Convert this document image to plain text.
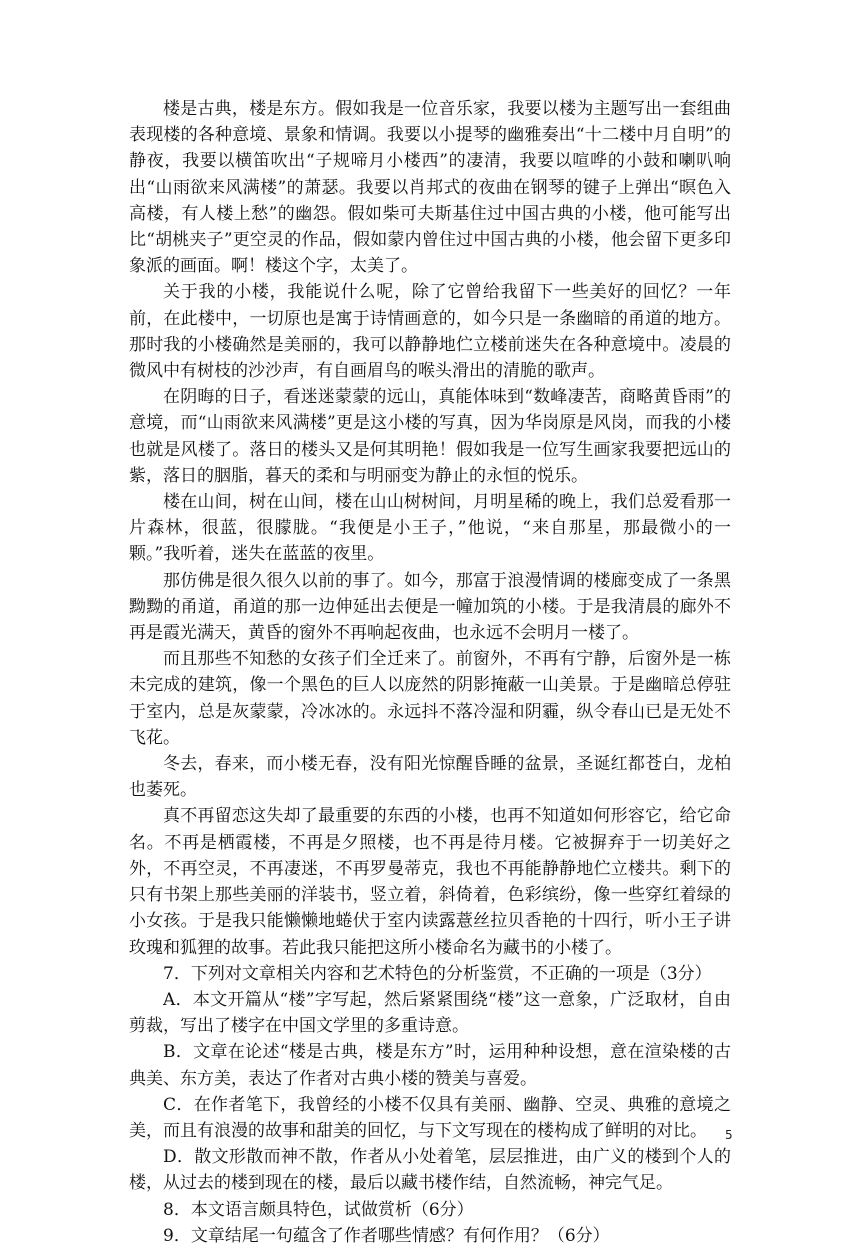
楼是古典，楼是东方。假如我是一位音乐家，我要以楼为主题写出一套组曲表现楼的各种意境、景象和情调。我要以小提琴的幽雅奏出“十二楼中月自明”的静夜，我要以横笛吹出“子规啼月小楼西”的凄清，我要以喧哗的小鼓和喇叭响出“山雨欲来风满楼”的萧瑟。我要以肖邦式的夜曲在钢琴的键子上弹出“暝色入高楼，有人楼上愁”的幽怨。假如柴可夫斯基住过中国古典的小楼，他可能写出比“胡桃夹子”更空灵的作品，假如蒙内曾住过中国古典的小楼，他会留下更多印象派的画面。啊！楼这个字，太美了。

关于我的小楼，我能说什么呢，除了它曾给我留下一些美好的回忆？一年前，在此楼中，一切原也是寓于诗情画意的，如今只是一条幽暗的甬道的地方。那时我的小楼确然是美丽的，我可以静静地伫立楼前迷失在各种意境中。凌晨的微风中有树枝的沙沙声，有自画眉鸟的喉头滑出的清脆的歌声。

在阴晦的日子，看迷迷蒙蒙的远山，真能体味到“数峰凄苦，商略黄昏雨”的意境，而“山雨欲来风满楼”更是这小楼的写真，因为华岗原是风岗，而我的小楼也就是风楼了。落日的楼头又是何其明艳！假如我是一位写生画家我要把远山的紫，落日的胭脂，暮天的柔和与明丽变为静止的永恒的悦乐。

楼在山间，树在山间，楼在山山树树间，月明星稀的晚上，我们总爱看那一片森林，很蓝，很朦胧。“我便是小王子，”他说，“来自那星，那最微小的一颗。”我听着，迷失在蓝蓝的夜里。

那仿佛是很久很久以前的事了。如今，那富于浪漫情调的楼廊变成了一条黑黝黝的甬道，甬道的那一边伸延出去便是一幢加筑的小楼。于是我清晨的廊外不再是霞光满天，黄昏的窗外不再响起夜曲，也永远不会明月一楼了。

而且那些不知愁的女孩子们全迁来了。前窗外，不再有宁静，后窗外是一栋未完成的建筑，像一个黑色的巨人以庞然的阴影掩蔽一山美景。于是幽暗总停驻于室内，总是灰蒙蒙，冷冰冰的。永远抖不落冷湿和阴霾，纵令春山已是无处不飞花。

冬去，春来，而小楼无春，没有阳光惊醒昏睡的盆景，圣诞红都苍白，龙柏也萎死。

真不再留恋这失却了最重要的东西的小楼，也再不知道如何形容它，给它命名。不再是栖霞楼，不再是夕照楼，也不再是待月楼。它被摒弃于一切美好之外，不再空灵，不再凄迷，不再罗曼蒂克，我也不再能静静地伫立楼共。剩下的只有书架上那些美丽的洋装书，竖立着，斜倚着，色彩缤纷，像一些穿红着绿的小女孩。于是我只能懒懒地蜷伏于室内读露薏丝拉贝香艳的十四行，听小王子讲玫瑰和狐狸的故事。若此我只能把这所小楼命名为藏书的小楼了。

7．下列对文章相关内容和艺术特色的分析鉴赏，不正确的一项是（3分）

A．本文开篇从“楼”字写起，然后紧紧围绕“楼”这一意象，广泛取材，自由剪裁，写出了楼字在中国文学里的多重诗意。

B．文章在论述“楼是古典，楼是东方”时，运用种种设想，意在渲染楼的古典美、东方美，表达了作者对古典小楼的赞美与喜爱。

C．在作者笔下，我曾经的小楼不仅具有美丽、幽静、空灵、典雅的意境之美，而且有浪漫的故事和甜美的回忆，与下文写现在的楼构成了鲜明的对比。

D．散文形散而神不散，作者从小处着笔，层层推进，由广义的楼到个人的楼，从过去的楼到现在的楼，最后以藏书楼作结，自然流畅，神完气足。

8．本文语言颇具特色，试做赏析（6分）

9．文章结尾一句蕴含了作者哪些情感？有何作用？（6分）

5
